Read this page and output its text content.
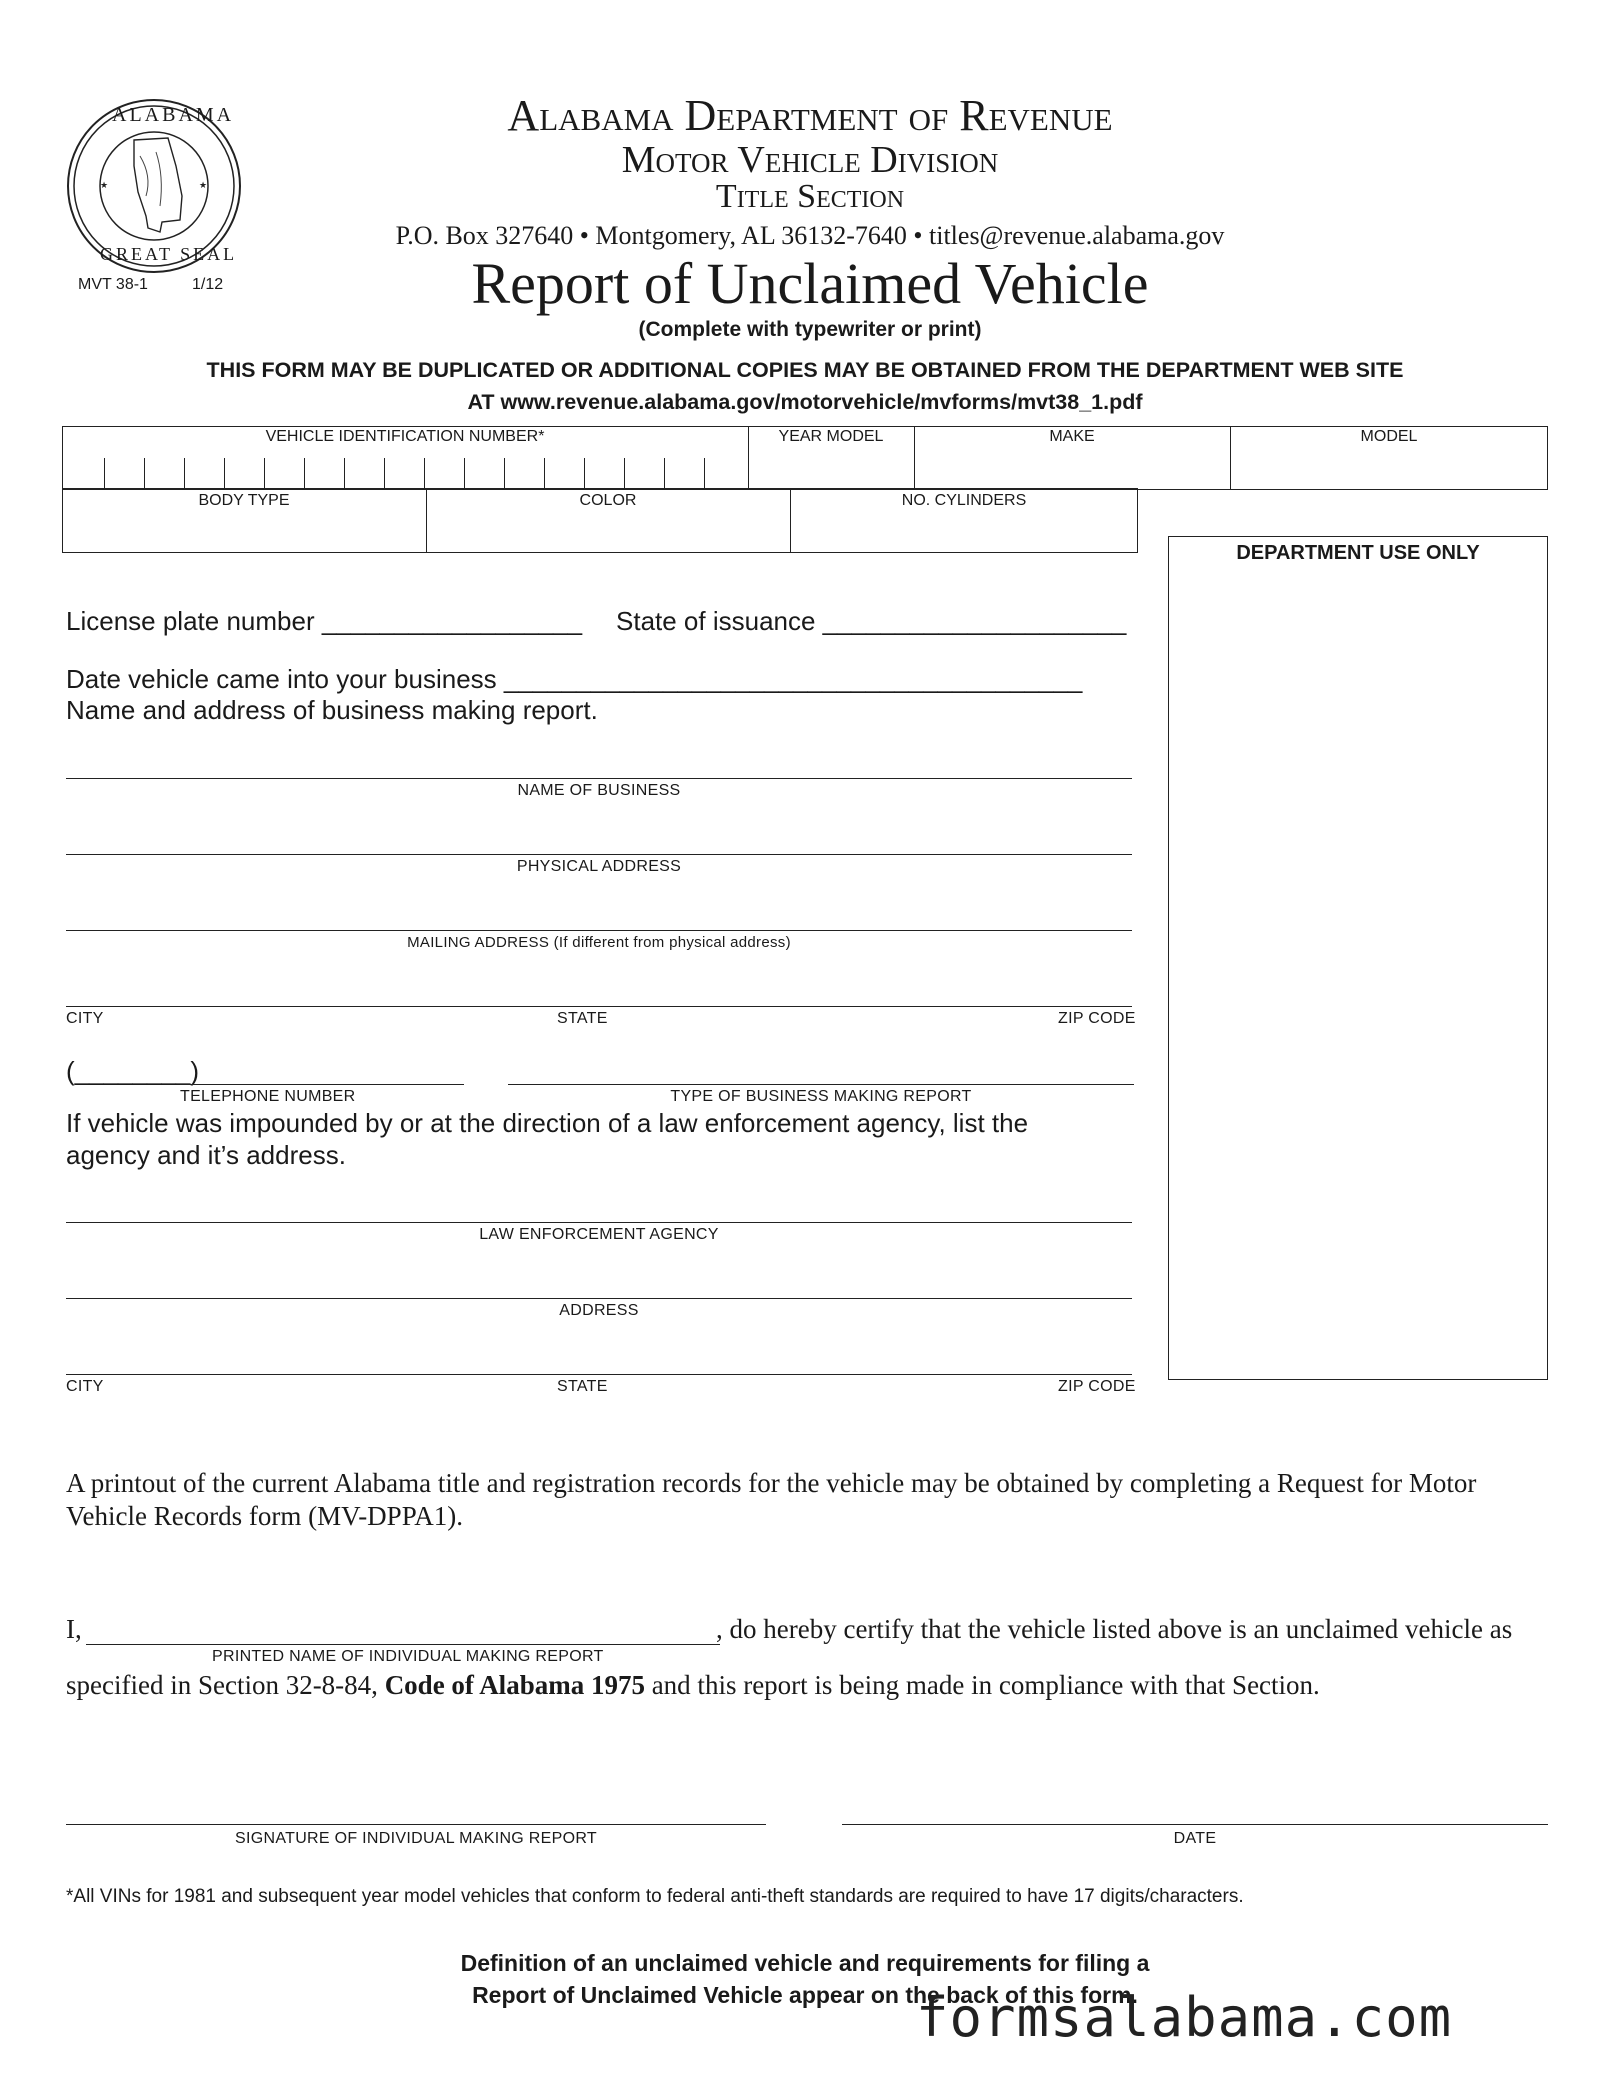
★	★
ALABAMA
GREAT SEAL
MVT 38-1	1/12
Alabama Department of Revenue
Motor Vehicle Division
Title Section
P.O. Box 327640 • Montgomery, AL 36132-7640 • titles@revenue.alabama.gov
Report of Unclaimed Vehicle
(Complete with typewriter or print)
THIS FORM MAY BE DUPLICATED OR ADDITIONAL COPIES MAY BE OBTAINED FROM THE DEPARTMENT WEB SITE
AT www.revenue.alabama.gov/motorvehicle/mvforms/mvt38_1.pdf
VEHICLE IDENTIFICATION NUMBER*	YEAR MODEL	MAKE	MODEL
BODY TYPE	COLOR	NO. CYLINDERS
DEPARTMENT USE ONLY
License plate number __________________ State of issuance _____________________
Date vehicle came into your business ________________________________________
Name and address of business making report.
NAME OF BUSINESS
PHYSICAL ADDRESS
MAILING ADDRESS (If different from physical address)
CITY	STATE	ZIP CODE
(________)
TELEPHONE NUMBER	TYPE OF BUSINESS MAKING REPORT
If vehicle was impounded by or at the direction of a law enforcement agency, list the
agency and it’s address.
LAW ENFORCEMENT AGENCY
ADDRESS
CITY	STATE	ZIP CODE
A printout of the current Alabama title and registration records for the vehicle may be obtained by completing a Request for Motor
Vehicle Records form (MV-DPPA1).
I,	, do hereby certify that the vehicle listed above is an unclaimed vehicle as
PRINTED NAME OF INDIVIDUAL MAKING REPORT
specified in Section 32-8-84, Code of Alabama 1975 and this report is being made in compliance with that Section.
SIGNATURE OF INDIVIDUAL MAKING REPORT	DATE
*All VINs for 1981 and subsequent year model vehicles that conform to federal anti-theft standards are required to have 17 digits/characters.
Definition of an unclaimed vehicle and requirements for filing a
Report of Unclaimed Vehicle appear on the back of this form.
formsalabama.com
